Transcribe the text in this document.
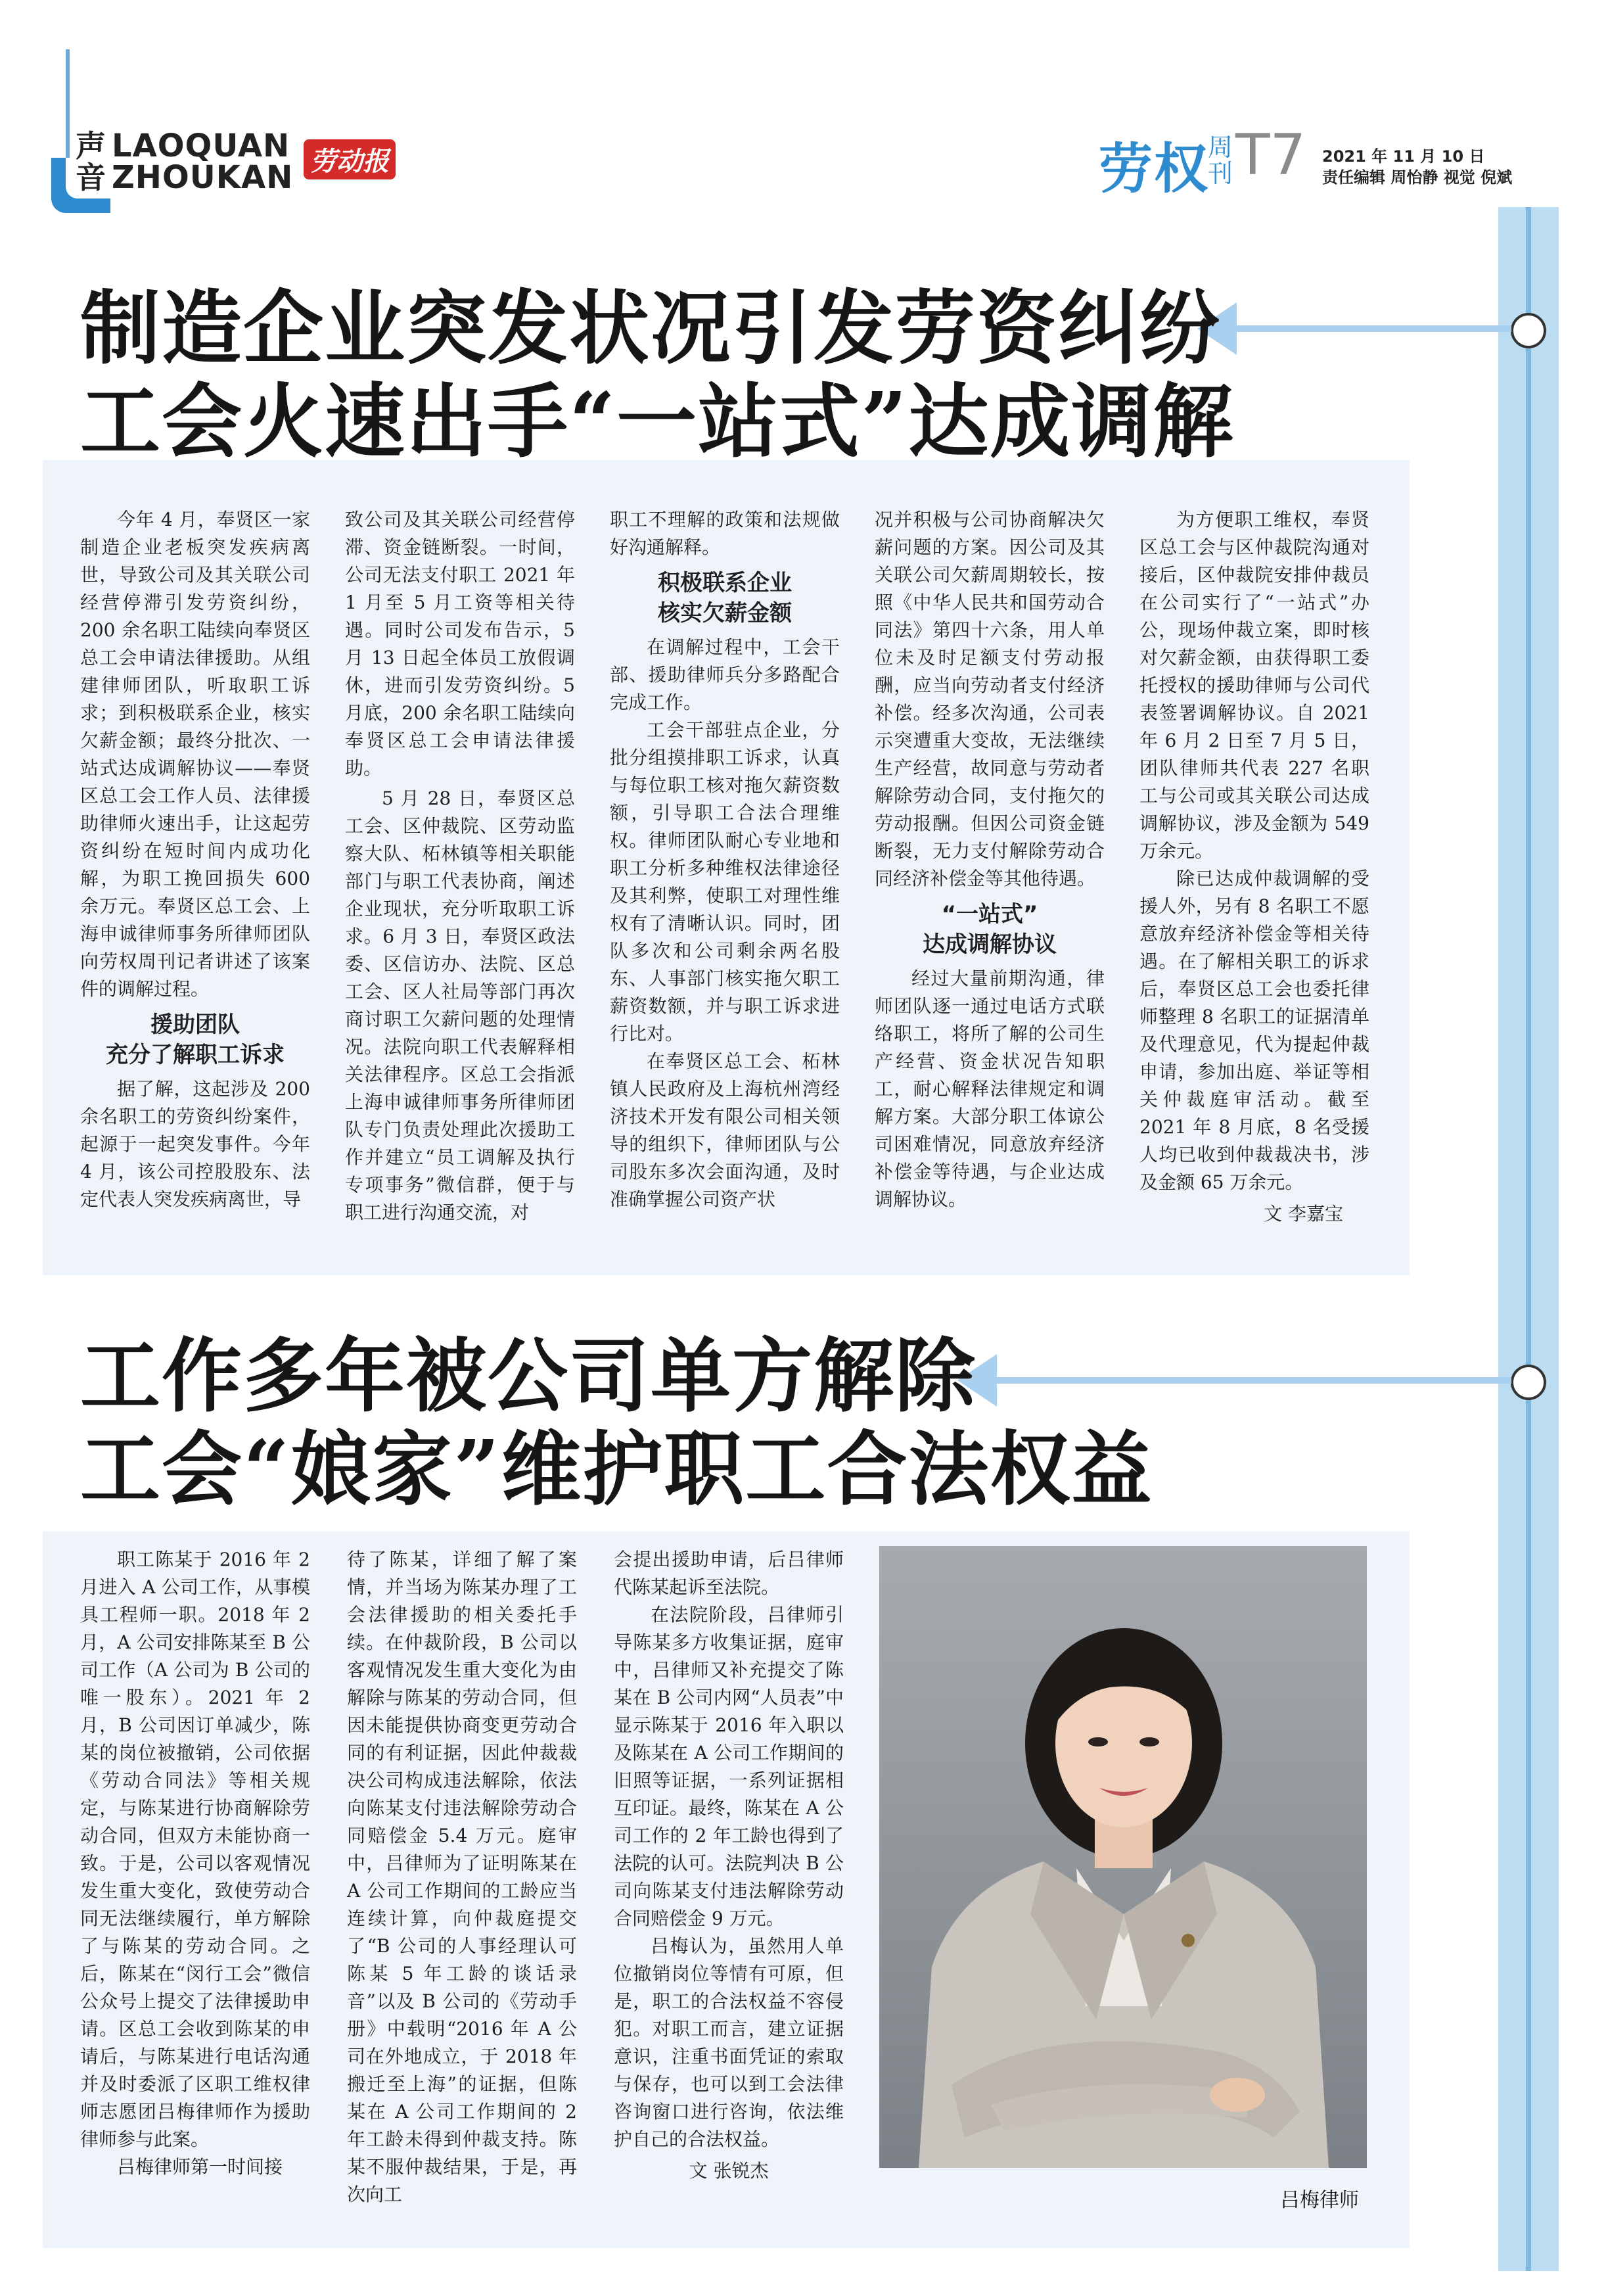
声
音
LAOQUAN
ZHOUKAN 劳动报	劳权
周
刊 T7 2021 年 11 月 10 日
责任编辑 周怡静 视觉 倪斌
制造企业突发状况引发劳资纠纷
工会火速出手“一站式”达成调解

今年 4 月，奉贤区一家制造企业老板突发疾病离世，导致公司及其关联公司经营停滞引发劳资纠纷，200 余名职工陆续向奉贤区总工会申请法律援助。从组建律师团队，听取职工诉求；到积极联系企业，核实欠薪金额；最终分批次、一站式达成调解协议——奉贤区总工会工作人员、法律援助律师火速出手，让这起劳资纠纷在短时间内成功化解，为职工挽回损失 600 余万元。奉贤区总工会、上海申诚律师事务所律师团队向劳权周刊记者讲述了该案件的调解过程。

援助团队
充分了解职工诉求

据了解，这起涉及 200 余名职工的劳资纠纷案件，起源于一起突发事件。今年 4 月，该公司控股股东、法定代表人突发疾病离世，导

致公司及其关联公司经营停滞、资金链断裂。一时间，公司无法支付职工 2021 年 1 月至 5 月工资等相关待遇。同时公司发布告示，5 月 13 日起全体员工放假调休，进而引发劳资纠纷。5 月底，200 余名职工陆续向奉贤区总工会申请法律援助。

5 月 28 日，奉贤区总工会、区仲裁院、区劳动监察大队、柘林镇等相关职能部门与职工代表协商，阐述企业现状，充分听取职工诉求。6 月 3 日，奉贤区政法委、区信访办、法院、区总工会、区人社局等部门再次商讨职工欠薪问题的处理情况。法院向职工代表解释相关法律程序。区总工会指派上海申诚律师事务所律师团队专门负责处理此次援助工作并建立“员工调解及执行专项事务”微信群，便于与职工进行沟通交流，对

职工不理解的政策和法规做好沟通解释。

积极联系企业
核实欠薪金额

在调解过程中，工会干部、援助律师兵分多路配合完成工作。

工会干部驻点企业，分批分组摸排职工诉求，认真与每位职工核对拖欠薪资数额，引导职工合法合理维权。律师团队耐心专业地和职工分析多种维权法律途径及其利弊，使职工对理性维权有了清晰认识。同时，团队多次和公司剩余两名股东、人事部门核实拖欠职工薪资数额，并与职工诉求进行比对。

在奉贤区总工会、柘林镇人民政府及上海杭州湾经济技术开发有限公司相关领导的组织下，律师团队与公司股东多次会面沟通，及时准确掌握公司资产状

况并积极与公司协商解决欠薪问题的方案。因公司及其关联公司欠薪周期较长，按照《中华人民共和国劳动合同法》第四十六条，用人单位未及时足额支付劳动报酬，应当向劳动者支付经济补偿。经多次沟通，公司表示突遭重大变故，无法继续生产经营，故同意与劳动者解除劳动合同，支付拖欠的劳动报酬。但因公司资金链断裂，无力支付解除劳动合同经济补偿金等其他待遇。

“一站式”
达成调解协议

经过大量前期沟通，律师团队逐一通过电话方式联络职工，将所了解的公司生产经营、资金状况告知职工，耐心解释法律规定和调解方案。大部分职工体谅公司困难情况，同意放弃经济补偿金等待遇，与企业达成调解协议。

为方便职工维权，奉贤区总工会与区仲裁院沟通对接后，区仲裁院安排仲裁员在公司实行了“一站式”办公，现场仲裁立案，即时核对欠薪金额，由获得职工委托授权的援助律师与公司代表签署调解协议。自 2021 年 6 月 2 日至 7 月 5 日，团队律师共代表 227 名职工与公司或其关联公司达成调解协议，涉及金额为 549 万余元。

除已达成仲裁调解的受援人外，另有 8 名职工不愿意放弃经济补偿金等相关待遇。在了解相关职工的诉求后，奉贤区总工会也委托律师整理 8 名职工的证据清单及代理意见，代为提起仲裁申请，参加出庭、举证等相关仲裁庭审活动。截至 2021 年 8 月底，8 名受援人均已收到仲裁裁决书，涉及金额 65 万余元。

文 李嘉宝
工作多年被公司单方解除
工会“娘家”维护职工合法权益

职工陈某于 2016 年 2 月进入 A 公司工作，从事模具工程师一职。2018 年 2 月，A 公司安排陈某至 B 公司工作（A 公司为 B 公司的唯一股东）。2021 年 2 月，B 公司因订单减少，陈某的岗位被撤销，公司依据《劳动合同法》等相关规定，与陈某进行协商解除劳动合同，但双方未能协商一致。于是，公司以客观情况发生重大变化，致使劳动合同无法继续履行，单方解除了与陈某的劳动合同。之后，陈某在“闵行工会”微信公众号上提交了法律援助申请。区总工会收到陈某的申请后，与陈某进行电话沟通并及时委派了区职工维权律师志愿团吕梅律师作为援助律师参与此案。

吕梅律师第一时间接

待了陈某，详细了解了案情，并当场为陈某办理了工会法律援助的相关委托手续。在仲裁阶段，B 公司以客观情况发生重大变化为由解除与陈某的劳动合同，但因未能提供协商变更劳动合同的有利证据，因此仲裁裁决公司构成违法解除，依法向陈某支付违法解除劳动合同赔偿金 5.4 万元。庭审中，吕律师为了证明陈某在 A 公司工作期间的工龄应当连续计算，向仲裁庭提交了“B 公司的人事经理认可陈某 5 年工龄的谈话录音”以及 B 公司的《劳动手册》中载明“2016 年 A 公司在外地成立，于 2018 年搬迁至上海”的证据，但陈某在 A 公司工作期间的 2 年工龄未得到仲裁支持。陈某不服仲裁结果，于是，再次向工

会提出援助申请，后吕律师代陈某起诉至法院。

在法院阶段，吕律师引导陈某多方收集证据，庭审中，吕律师又补充提交了陈某在 B 公司内网“人员表”中显示陈某于 2016 年入职以及陈某在 A 公司工作期间的旧照等证据，一系列证据相互印证。最终，陈某在 A 公司工作的 2 年工龄也得到了法院的认可。法院判决 B 公司向陈某支付违法解除劳动合同赔偿金 9 万元。

吕梅认为，虽然用人单位撤销岗位等情有可原，但是，职工的合法权益不容侵犯。对职工而言，建立证据意识，注重书面凭证的索取与保存，也可以到工会法律咨询窗口进行咨询，依法维护自己的合法权益。

文 张锐杰
吕梅律师
